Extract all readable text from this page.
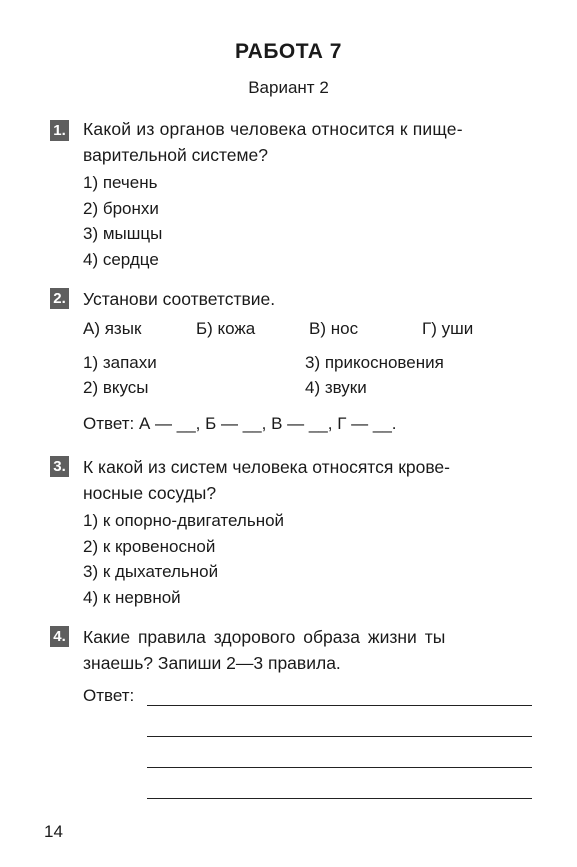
РАБОТА 7
Вариант 2
1. Какой из органов человека относится к пище-
варительной системе?
1) печень
2) бронхи
3) мышцы
4) сердце
2. Установи соответствие.
А) язык	Б) кожа	В) нос	Г) уши
1) запахи	3) прикосновения
2) вкусы	4) звуки
Ответ: А — __, Б — __, В — __, Г — __.
3. К какой из систем человека относятся крове-
носные сосуды?
1) к опорно-двигательной
2) к кровеносной
3) к дыхательной
4) к нервной
4. Какие правила здорового образа жизни ты
знаешь? Запиши 2—3 правила.
Ответ:
14
